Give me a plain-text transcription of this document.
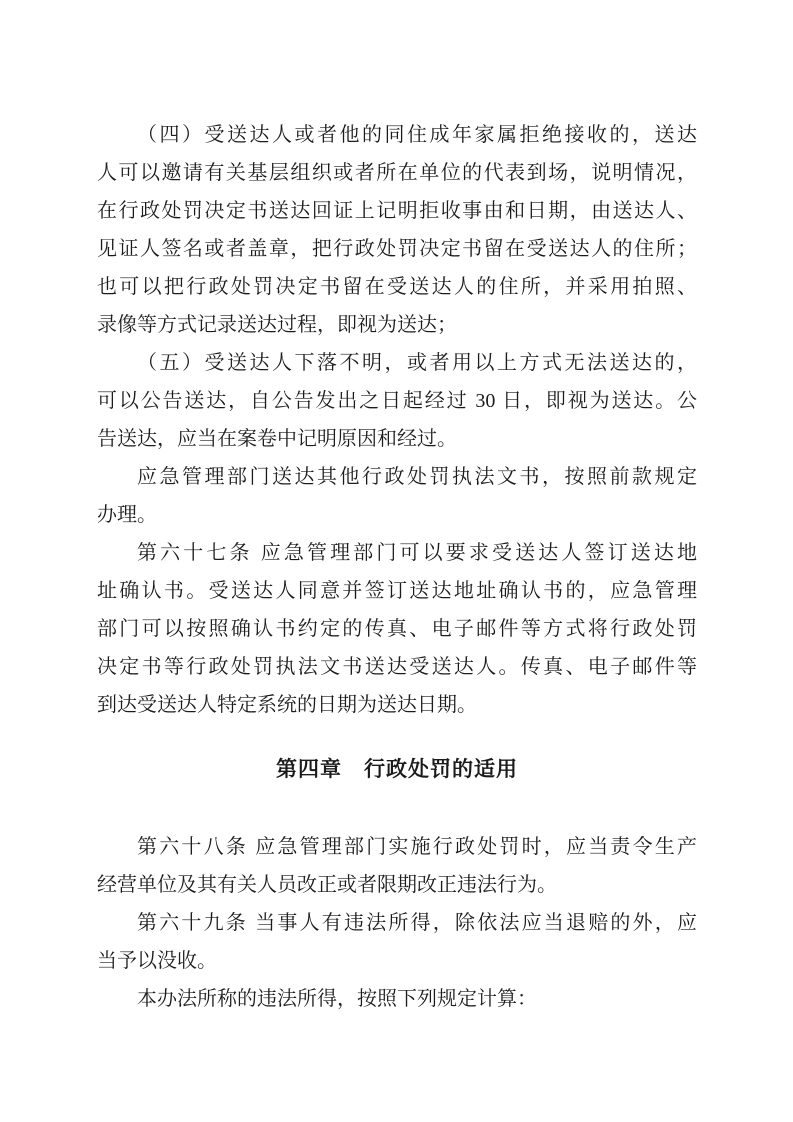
（四）受送达人或者他的同住成年家属拒绝接收的，送达
人可以邀请有关基层组织或者所在单位的代表到场，说明情况，
在行政处罚决定书送达回证上记明拒收事由和日期，由送达人、
见证人签名或者盖章，把行政处罚决定书留在受送达人的住所；
也可以把行政处罚决定书留在受送达人的住所，并采用拍照、
录像等方式记录送达过程，即视为送达；
（五）受送达人下落不明，或者用以上方式无法送达的，
可以公告送达，自公告发出之日起经过 30 日，即视为送达。公
告送达，应当在案卷中记明原因和经过。
应急管理部门送达其他行政处罚执法文书，按照前款规定
办理。
第六十七条 应急管理部门可以要求受送达人签订送达地
址确认书。受送达人同意并签订送达地址确认书的，应急管理
部门可以按照确认书约定的传真、电子邮件等方式将行政处罚
决定书等行政处罚执法文书送达受送达人。传真、电子邮件等
到达受送达人特定系统的日期为送达日期。
第四章　行政处罚的适用
第六十八条 应急管理部门实施行政处罚时，应当责令生产
经营单位及其有关人员改正或者限期改正违法行为。
第六十九条 当事人有违法所得，除依法应当退赔的外，应
当予以没收。
本办法所称的违法所得，按照下列规定计算：
